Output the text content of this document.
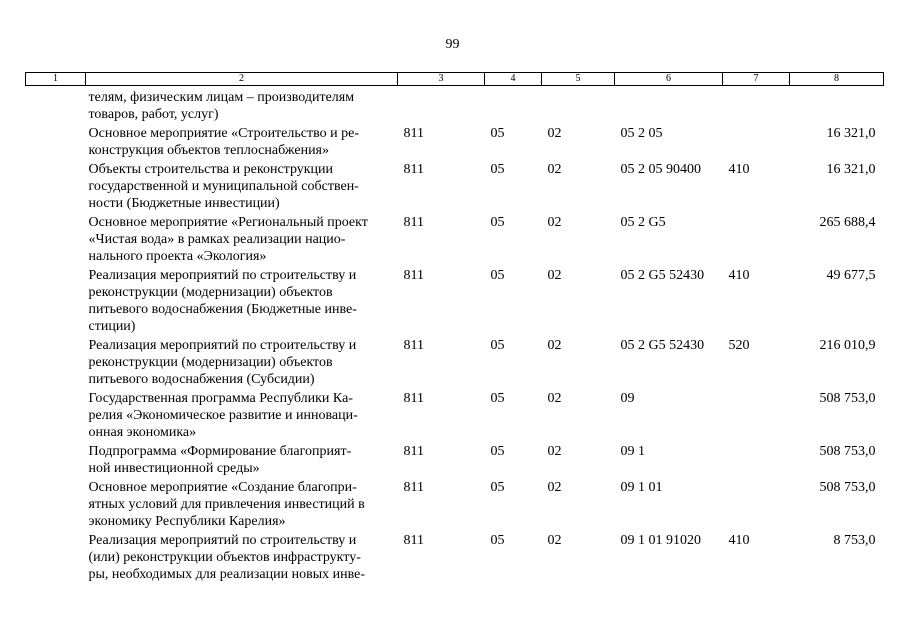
99
1	2	3	4	5	6	7	8
	телям, физическим лицам – производителям
товаров, работ, услуг)						
	Основное мероприятие «Строительство и ре-
конструкция объектов теплоснабжения»	811	05	02	05 2 05		16 321,0
	Объекты строительства и реконструкции
государственной и муниципальной собствен-
ности (Бюджетные инвестиции)	811	05	02	05 2 05 90400	410	16 321,0
	Основное мероприятие «Региональный проект
«Чистая вода» в рамках реализации нацио-
нального проекта «Экология»	811	05	02	05 2 G5		265 688,4
	Реализация мероприятий по строительству и
реконструкции (модернизации) объектов
питьевого водоснабжения (Бюджетные инве-
стиции)	811	05	02	05 2 G5 52430	410	49 677,5
	Реализация мероприятий по строительству и
реконструкции (модернизации) объектов
питьевого водоснабжения (Субсидии)	811	05	02	05 2 G5 52430	520	216 010,9
	Государственная программа Республики Ка-
релия «Экономическое развитие и инноваци-
онная экономика»	811	05	02	09		508 753,0
	Подпрограмма «Формирование благоприят-
ной инвестиционной среды»	811	05	02	09 1		508 753,0
	Основное мероприятие «Создание благопри-
ятных условий для привлечения инвестиций в
экономику Республики Карелия»	811	05	02	09 1 01		508 753,0
	Реализация мероприятий по строительству и
(или) реконструкции объектов инфраструкту-
ры, необходимых для реализации новых инве-	811	05	02	09 1 01 91020	410	8 753,0
